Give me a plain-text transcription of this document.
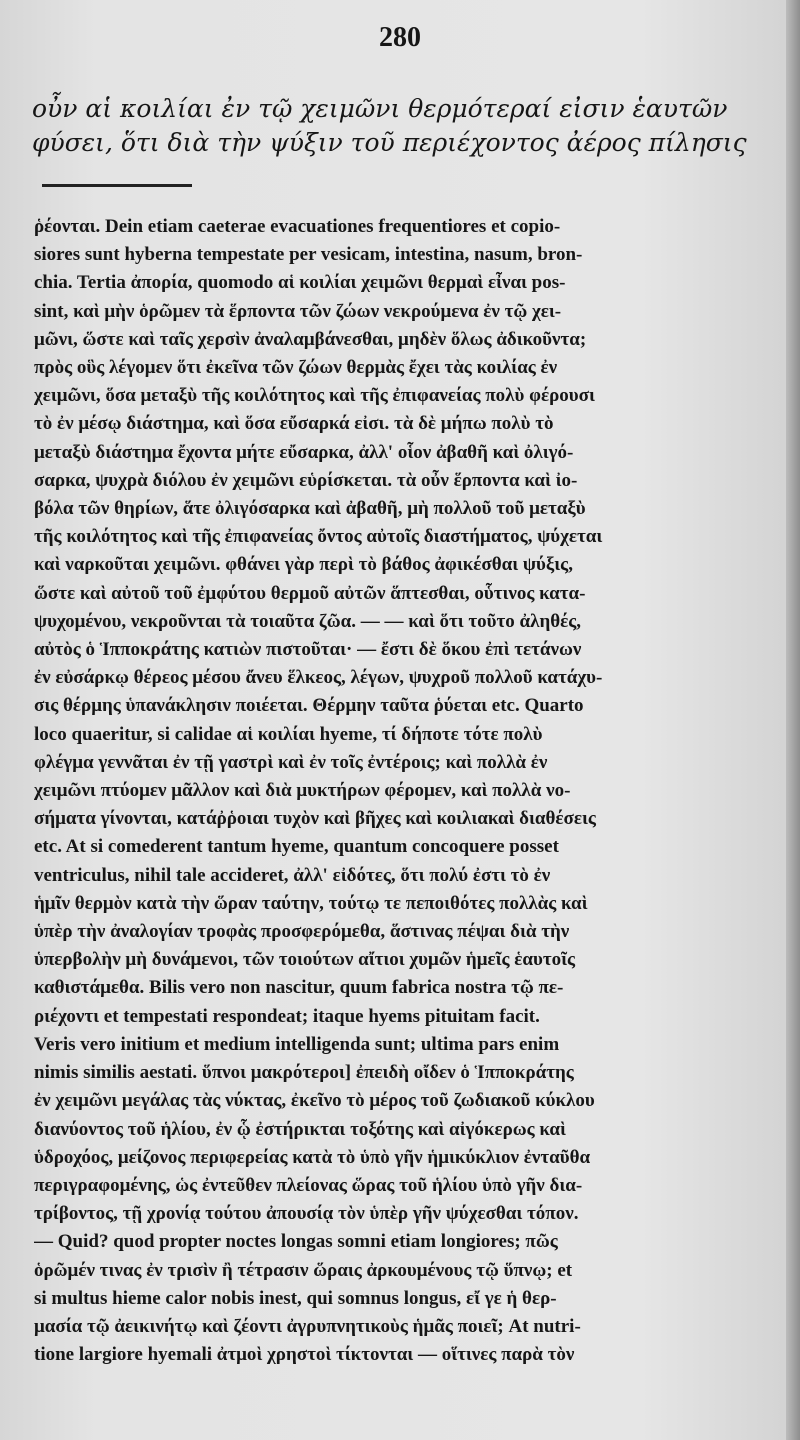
280
οὖν αἱ κοιλίαι ἐν τῷ χειμῶνι θερμότεραί εἰσιν ἑαυτῶν
φύσει, ὅτι διὰ τὴν ψύξιν τοῦ περιέχοντος ἀέρος πίλησις
ῥέονται. Dein etiam caeterae evacuationes frequentiores et copio-
siores sunt hyberna tempestate per vesicam, intestina, nasum, bron-
chia. Tertia ἀπορία, quomodo αἱ κοιλίαι χειμῶνι θερμαὶ εἶναι pos-
sint, καὶ μὴν ὁρῶμεν τὰ ἕρποντα τῶν ζώων νεκρούμενα ἐν τῷ χει-
μῶνι, ὥστε καὶ ταῖς χερσὶν ἀναλαμβάνεσθαι, μηδὲν ὅλως ἀδικοῦντα;
πρὸς οὓς λέγομεν ὅτι ἐκεῖνα τῶν ζώων θερμὰς ἔχει τὰς κοιλίας ἐν
χειμῶνι, ὅσα μεταξὺ τῆς κοιλότητος καὶ τῆς ἐπιφανείας πολὺ φέρουσι
τὸ ἐν μέσῳ διάστημα, καὶ ὅσα εὔσαρκά εἰσι. τὰ δὲ μήπω πολὺ τὸ
μεταξὺ διάστημα ἔχοντα μήτε εὔσαρκα, ἀλλ' οἷον ἀβαθῆ καὶ ὀλιγό-
σαρκα, ψυχρὰ διόλου ἐν χειμῶνι εὑρίσκεται. τὰ οὖν ἕρποντα καὶ ἰο-
βόλα τῶν θηρίων, ἅτε ὀλιγόσαρκα καὶ ἀβαθῆ, μὴ πολλοῦ τοῦ μεταξὺ
τῆς κοιλότητος καὶ τῆς ἐπιφανείας ὄντος αὐτοῖς διαστήματος, ψύχεται
καὶ ναρκοῦται χειμῶνι. φθάνει γὰρ περὶ τὸ βάθος ἀφικέσθαι ψύξις,
ὥστε καὶ αὐτοῦ τοῦ ἐμφύτου θερμοῦ αὐτῶν ἅπτεσθαι, οὗτινος κατα-
ψυχομένου, νεκροῦνται τὰ τοιαῦτα ζῶα. — — καὶ ὅτι τοῦτο ἀληθές,
αὐτὸς ὁ Ἱπποκράτης κατιὼν πιστοῦται· — ἔστι δὲ ὅκου ἐπὶ τετάνων
ἐν εὐσάρκῳ θέρεος μέσου ἄνευ ἕλκεος, λέγων, ψυχροῦ πολλοῦ κατάχυ-
σις θέρμης ὑπανάκλησιν ποιέεται. Θέρμην ταῦτα ῥύεται etc. Quarto
loco quaeritur, si calidae αἱ κοιλίαι hyeme, τί δήποτε τότε πολὺ
φλέγμα γεννᾶται ἐν τῇ γαστρὶ καὶ ἐν τοῖς ἐντέροις; καὶ πολλὰ ἐν
χειμῶνι πτύομεν μᾶλλον καὶ διὰ μυκτήρων φέρομεν, καὶ πολλὰ νο-
σήματα γίνονται, κατάῤῥοιαι τυχὸν καὶ βῆχες καὶ κοιλιακαὶ διαθέσεις
etc. At si comederent tantum hyeme, quantum concoquere posset
ventriculus, nihil tale accideret, ἀλλ' εἰδότες, ὅτι πολύ ἐστι τὸ ἐν
ἡμῖν θερμὸν κατὰ τὴν ὥραν ταύτην, τούτῳ τε πεποιθότες πολλὰς καὶ
ὑπὲρ τὴν ἀναλογίαν τροφὰς προσφερόμεθα, ἅστινας πέψαι διὰ τὴν
ὑπερβολὴν μὴ δυνάμενοι, τῶν τοιούτων αἴτιοι χυμῶν ἡμεῖς ἑαυτοῖς
καθιστάμεθα. Bilis vero non nascitur, quum fabrica nostra τῷ πε-
ριέχοντι et tempestati respondeat; itaque hyems pituitam facit.
Veris vero initium et medium intelligenda sunt; ultima pars enim
nimis similis aestati. ὕπνοι μακρότεροι] ἐπειδὴ οἴδεν ὁ Ἱπποκράτης
ἐν χειμῶνι μεγάλας τὰς νύκτας, ἐκεῖνο τὸ μέρος τοῦ ζωδιακοῦ κύκλου
διανύοντος τοῦ ἡλίου, ἐν ᾧ ἐστήρικται τοξότης καὶ αἰγόκερως καὶ
ὑδροχόος, μείζονος περιφερείας κατὰ τὸ ὑπὸ γῆν ἡμικύκλιον ἐνταῦθα
περιγραφομένης, ὡς ἐντεῦθεν πλείονας ὥρας τοῦ ἡλίου ὑπὸ γῆν δια-
τρίβοντος, τῇ χρονίᾳ τούτου ἀπουσίᾳ τὸν ὑπὲρ γῆν ψύχεσθαι τόπον.
— Quid? quod propter noctes longas somni etiam longiores; πῶς
ὁρῶμέν τινας ἐν τρισὶν ἢ τέτρασιν ὥραις ἀρκουμένους τῷ ὕπνῳ; et
si multus hieme calor nobis inest, qui somnus longus, εἴ γε ἡ θερ-
μασία τῷ ἀεικινήτῳ καὶ ζέοντι ἀγρυπνητικοὺς ἡμᾶς ποιεῖ; At nutri-
tione largiore hyemali ἀτμοὶ χρηστοὶ τίκτονται — οἵτινες παρὰ τὸν
